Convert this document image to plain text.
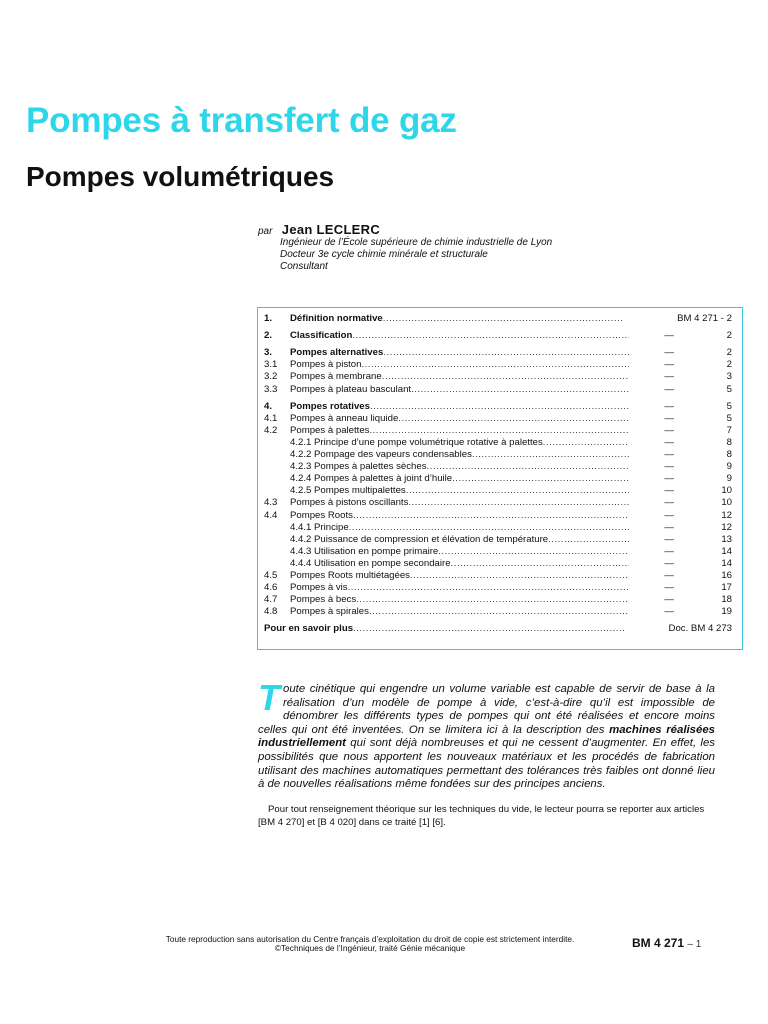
Pompes à transfert de gaz
Pompes volumétriques
par Jean LECLERC
Ingénieur de l’École supérieure de chimie industrielle de Lyon
Docteur 3e cycle chimie minérale et structurale
Consultant
1. Définition normative .....	BM 4 271 - 2
2. Classification .....	—	2
3. Pompes alternatives .....	—	2
3.1 Pompes à piston .....	—	2
3.2 Pompes à membrane .....	—	3
3.3 Pompes à plateau basculant .....	—	5
4. Pompes rotatives .....	—	5
4.1 Pompes à anneau liquide .....	—	5
4.2 Pompes à palettes .....	—	7
4.2.1 Principe d’une pompe volumétrique rotative à palettes .....	—	8
4.2.2 Pompage des vapeurs condensables .....	—	8
4.2.3 Pompes à palettes sèches .....	—	9
4.2.4 Pompes à palettes à joint d’huile .....	—	9
4.2.5 Pompes multipalettes .....	—	10
4.3 Pompes à pistons oscillants .....	—	10
4.4 Pompes Roots .....	—	12
4.4.1 Principe .....	—	12
4.4.2 Puissance de compression et élévation de température .....	—	13
4.4.3 Utilisation en pompe primaire .....	—	14
4.4.4 Utilisation en pompe secondaire .....	—	14
4.5 Pompes Roots multiétagées .....	—	16
4.6 Pompes à vis .....	—	17
4.7 Pompes à becs .....	—	18
4.8 Pompes à spirales .....	—	19
Pour en savoir plus .....	Doc. BM 4 273

Toute cinétique qui engendre un volume variable est capable de servir de base à la réalisation d’un modèle de pompe à vide, c’est-à-dire qu’il est impossible de dénombrer les différents types de pompes qui ont été réalisées et encore moins celles qui ont été inventées. On se limitera ici à la description des machines réalisées industriellement qui sont déjà nombreuses et qui ne cessent d’augmenter. En effet, les possibilités que nous apportent les nouveaux matériaux et les procédés de fabrication utilisant des machines automatiques permettant des tolérances très faibles ont donné lieu à de nouvelles réalisations même fondées sur des principes anciens.

Pour tout renseignement théorique sur les techniques du vide, le lecteur pourra se reporter aux articles [BM 4 270] et [B 4 020] dans ce traité [1] [6].

Toute reproduction sans autorisation du Centre français d’exploitation du droit de copie est strictement interdite.
©Techniques de l’Ingénieur, traité Génie mécanique	BM 4 271 – 1
